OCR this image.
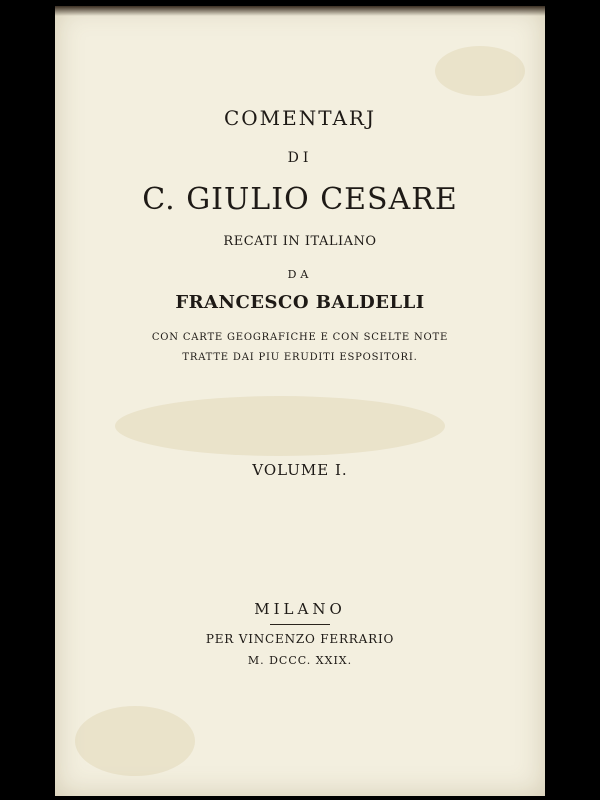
COMENTARJ
DI
C. GIULIO CESARE
RECATI IN ITALIANO
DA
FRANCESCO BALDELLI
CON CARTE GEOGRAFICHE E CON SCELTE NOTE
TRATTE DAI PIU ERUDITI ESPOSITORI.
VOLUME I.
MILANO
PER VINCENZO FERRARIO
M. DCCC. XXIX.
